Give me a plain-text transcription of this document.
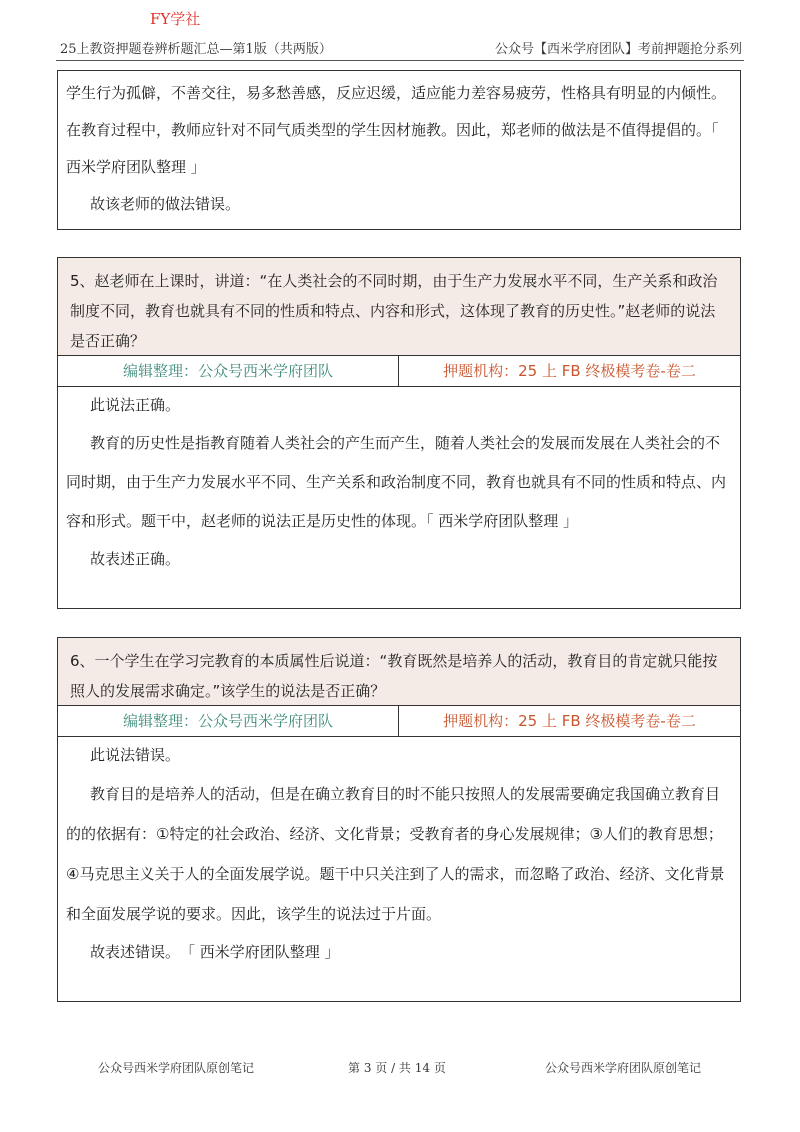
FY学社
25上教资押题卷辨析题汇总—第1版（共两版）	公众号【西米学府团队】考前押题抢分系列

学生行为孤僻，不善交往，易多愁善感，反应迟缓，适应能力差容易疲劳，性格具有明显的内倾性。在教育过程中，教师应针对不同气质类型的学生因材施教。因此，郑老师的做法是不值得提倡的。「 西米学府团队整理 」

故该老师的做法错误。

5、赵老师在上课时，讲道：“在人类社会的不同时期，由于生产力发展水平不同，生产关系和政治制度不同，教育也就具有不同的性质和特点、内容和形式，这体现了教育的历史性。”赵老师的说法是否正确？
编辑整理：公众号西米学府团队	押题机构：25 上 FB 终极模考卷-卷二

此说法正确。

教育的历史性是指教育随着人类社会的产生而产生，随着人类社会的发展而发展在人类社会的不同时期，由于生产力发展水平不同、生产关系和政治制度不同，教育也就具有不同的性质和特点、内容和形式。题干中，赵老师的说法正是历史性的体现。「 西米学府团队整理 」

故表述正确。

6、一个学生在学习完教育的本质属性后说道：“教育既然是培养人的活动，教育目的肯定就只能按照人的发展需求确定。”该学生的说法是否正确？
编辑整理：公众号西米学府团队	押题机构：25 上 FB 终极模考卷-卷二

此说法错误。

教育目的是培养人的活动，但是在确立教育目的时不能只按照人的发展需要确定我国确立教育目的的依据有：①特定的社会政治、经济、文化背景；受教育者的身心发展规律；③人们的教育思想；④马克思主义关于人的全面发展学说。题干中只关注到了人的需求，而忽略了政治、经济、文化背景和全面发展学说的要求。因此，该学生的说法过于片面。

故表述错误。　「 西米学府团队整理 」

公众号西米学府团队原创笔记	第 3 页 / 共 14 页	公众号西米学府团队原创笔记
